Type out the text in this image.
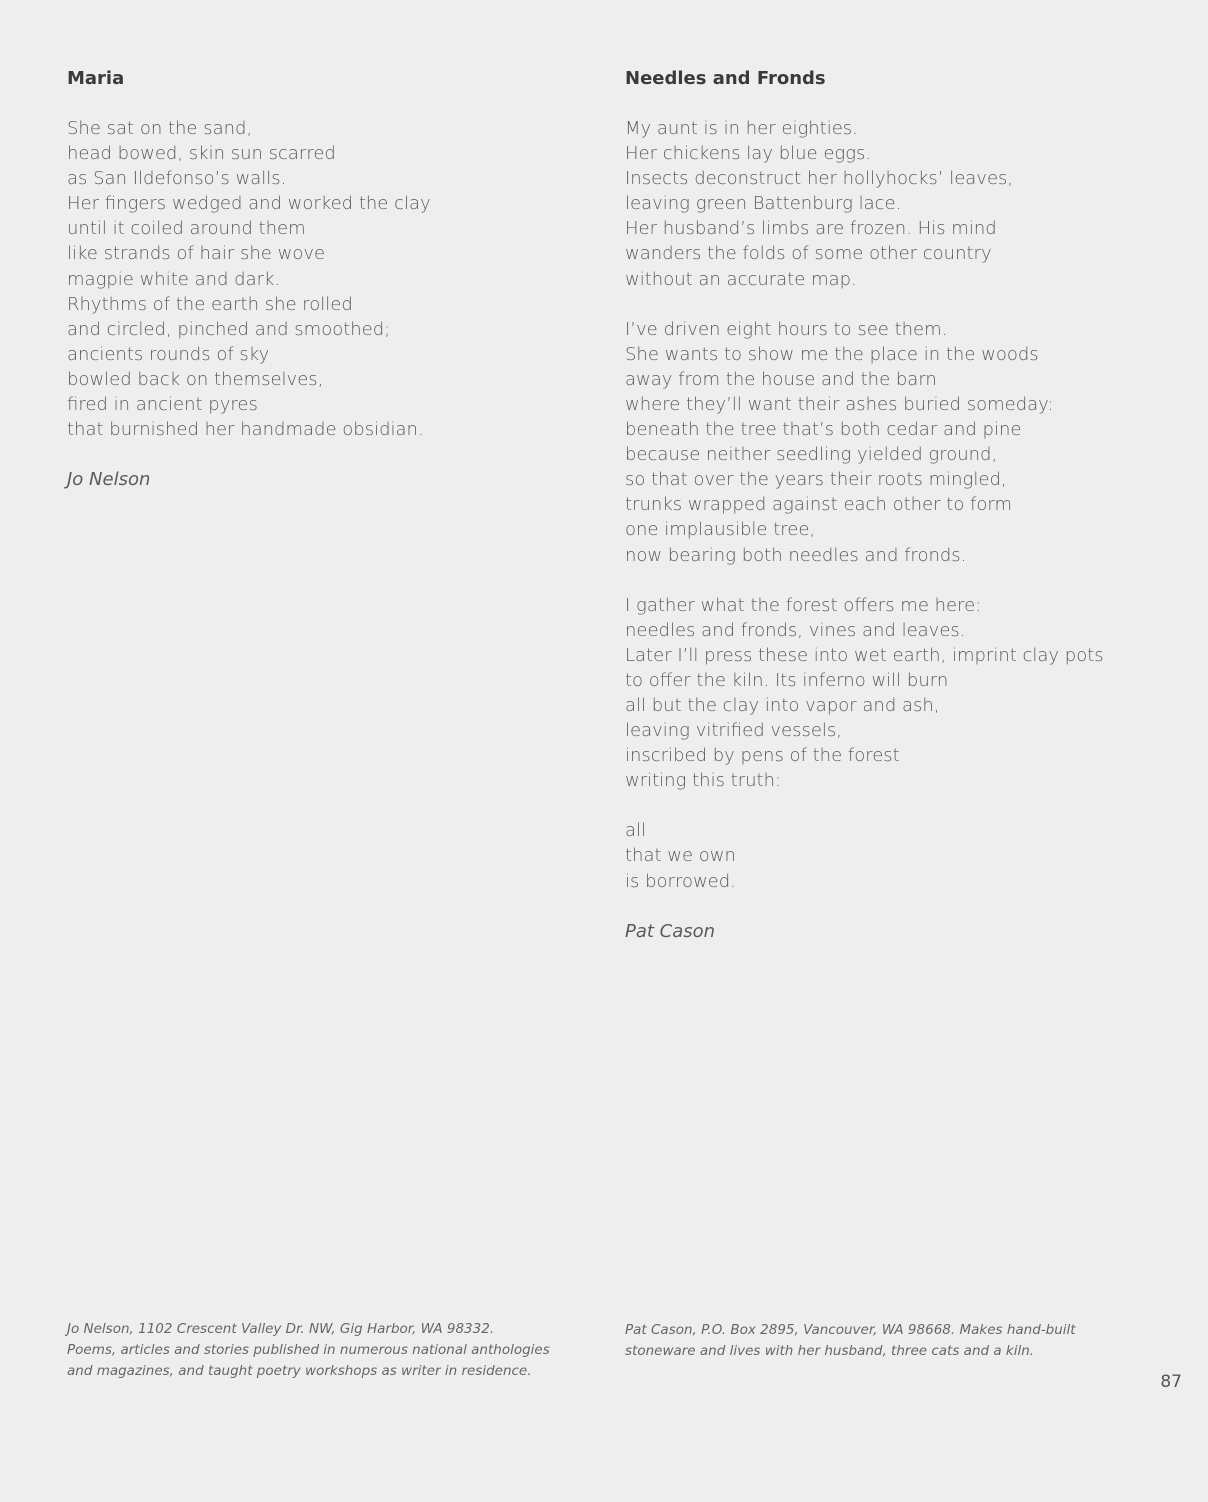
Maria
She sat on the sand,
head bowed, skin sun scarred
as San Ildefonso’s walls.
Her fingers wedged and worked the clay
until it coiled around them
like strands of hair she wove
magpie white and dark.
Rhythms of the earth she rolled
and circled, pinched and smoothed;
ancients rounds of sky
bowled back on themselves,
fired in ancient pyres
that burnished her handmade obsidian.
Jo Nelson
Needles and Fronds
My aunt is in her eighties.
Her chickens lay blue eggs.
Insects deconstruct her hollyhocks’ leaves,
leaving green Battenburg lace.
Her husband’s limbs are frozen. His mind
wanders the folds of some other country
without an accurate map.
I’ve driven eight hours to see them.
She wants to show me the place in the woods
away from the house and the barn
where they’ll want their ashes buried someday:
beneath the tree that’s both cedar and pine
because neither seedling yielded ground,
so that over the years their roots mingled,
trunks wrapped against each other to form
one implausible tree,
now bearing both needles and fronds.
I gather what the forest offers me here:
needles and fronds, vines and leaves.
Later I’ll press these into wet earth, imprint clay pots
to offer the kiln. Its inferno will burn
all but the clay into vapor and ash,
leaving vitrified vessels,
inscribed by pens of the forest
writing this truth:
all
that we own
is borrowed.
Pat Cason
Jo Nelson, 1102 Crescent Valley Dr. NW, Gig Harbor, WA 98332.
Poems, articles and stories published in numerous national anthologies
and magazines, and taught poetry workshops as writer in residence.
Pat Cason, P.O. Box 2895, Vancouver, WA 98668. Makes hand-built
stoneware and lives with her husband, three cats and a kiln.
87
